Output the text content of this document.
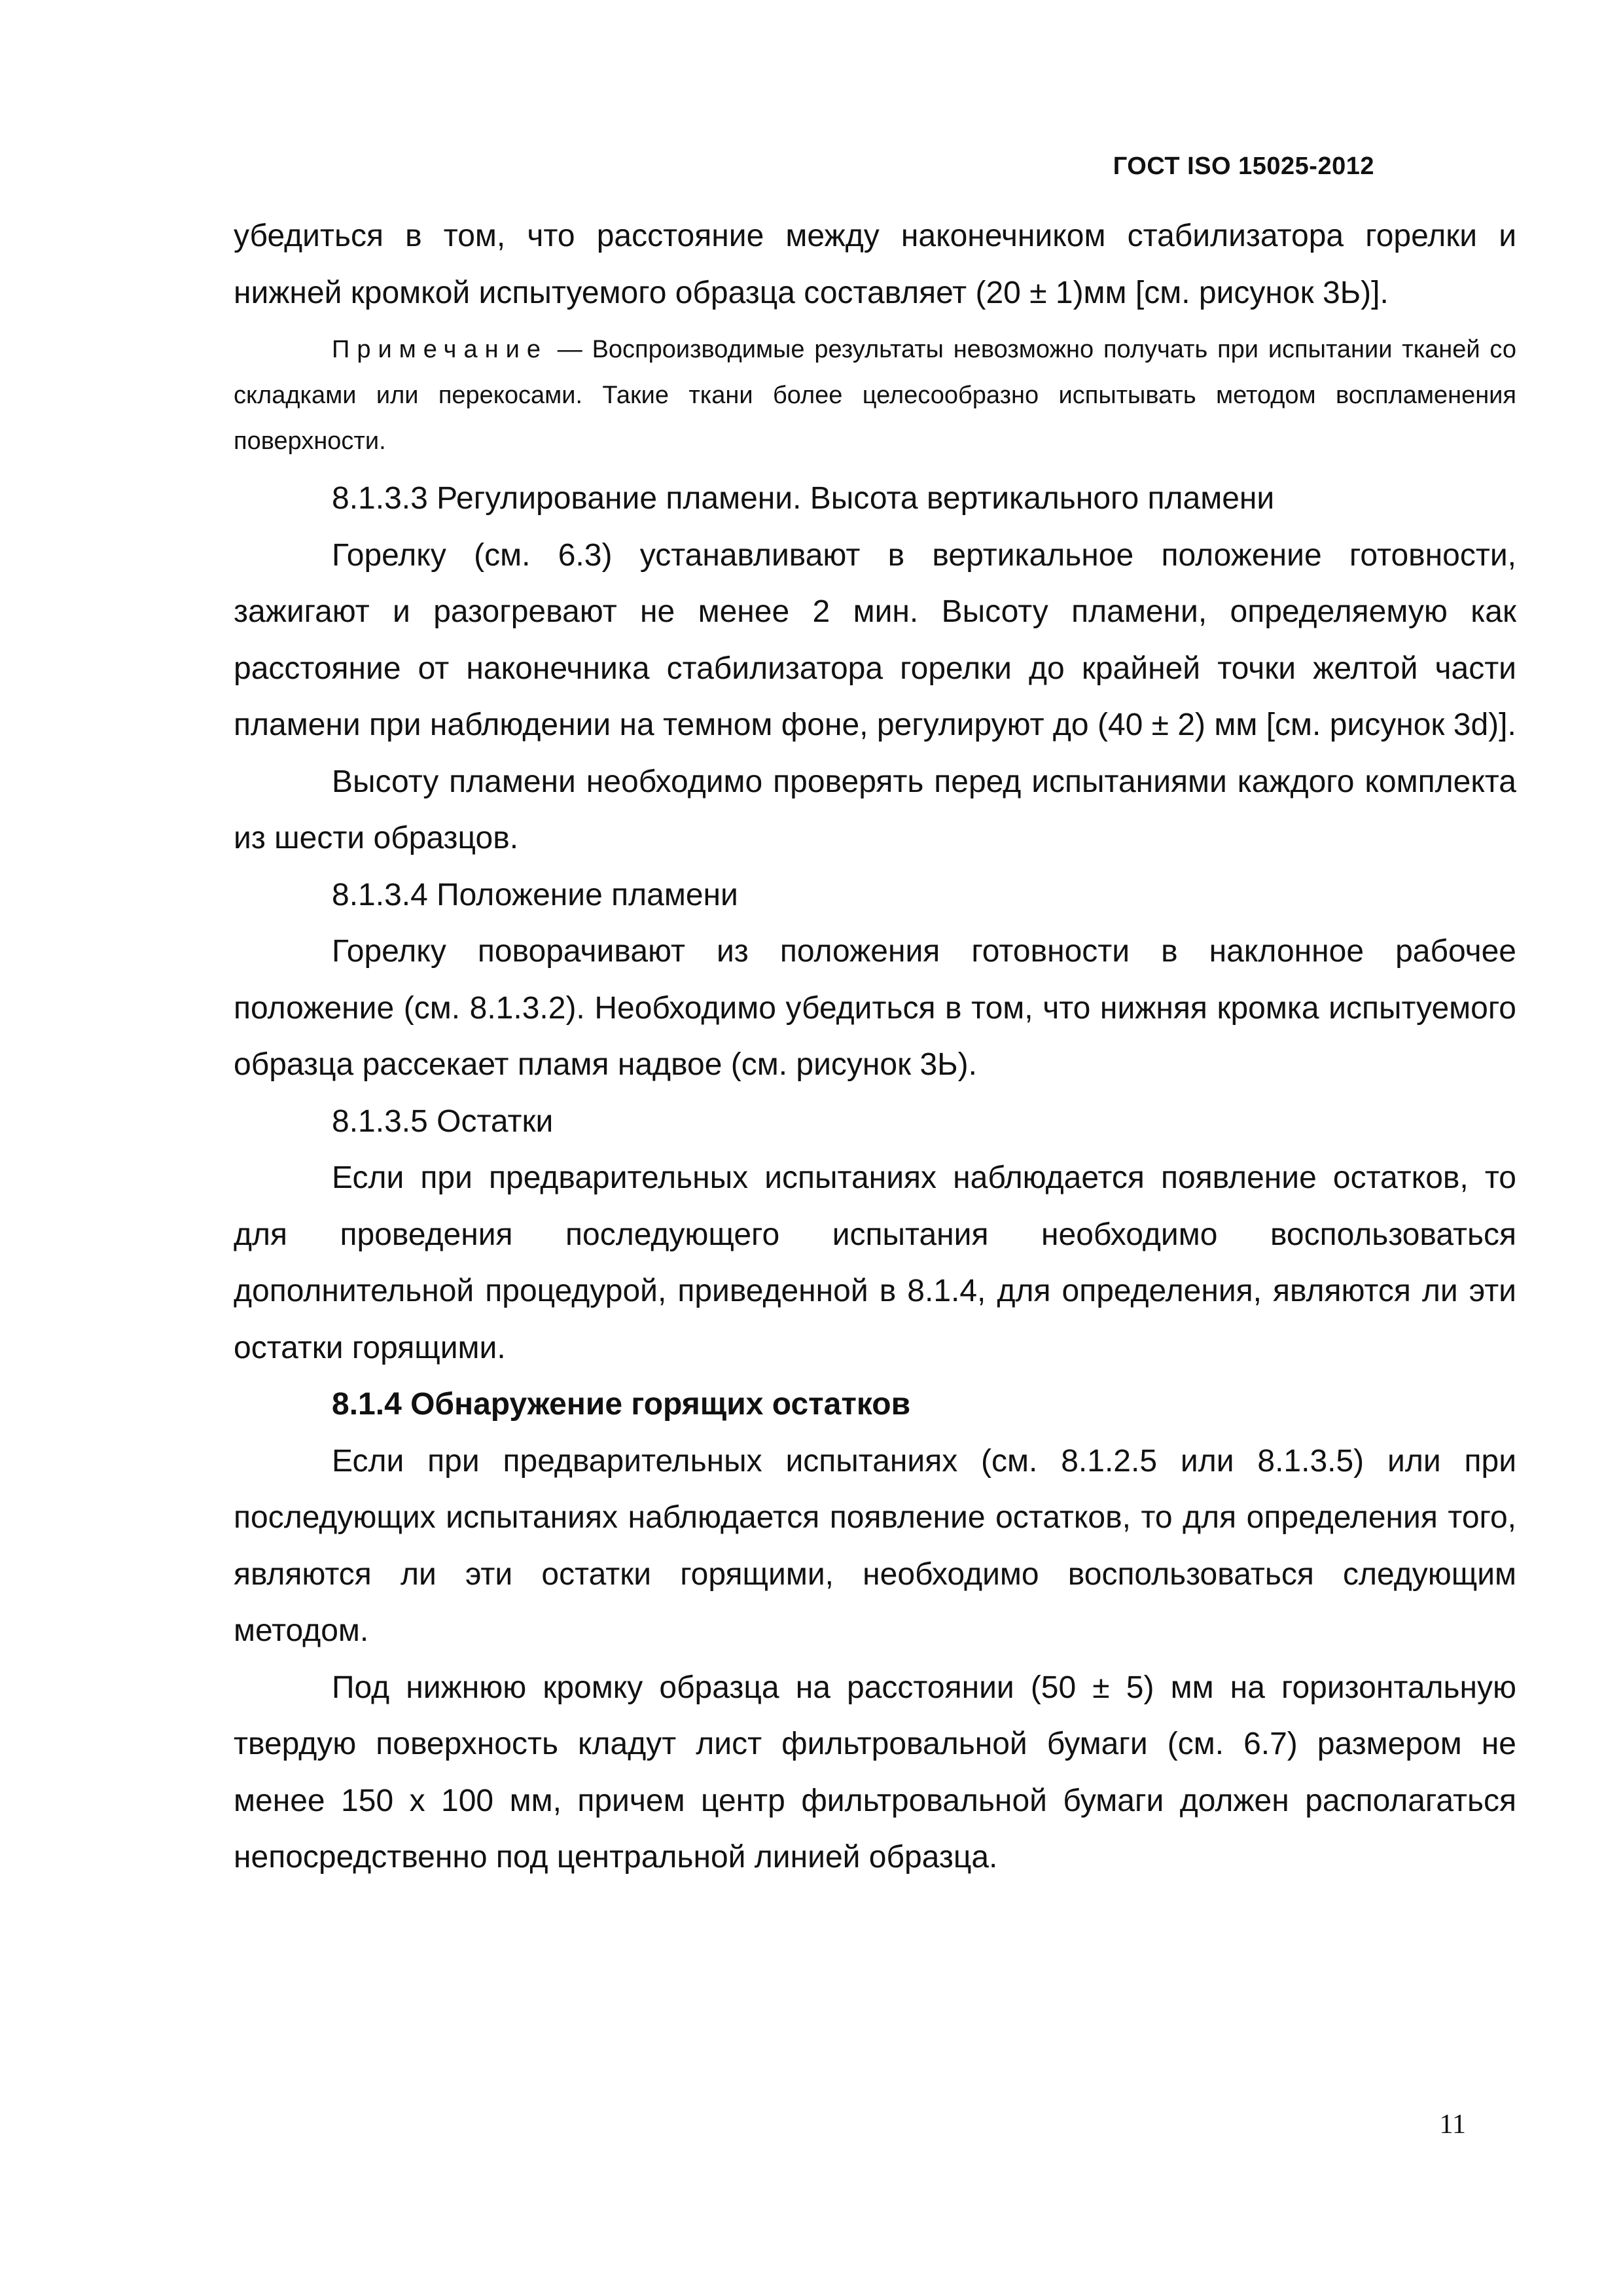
ГОСТ ISO 15025-2012

убедиться в том, что расстояние между наконечником стабилизатора горелки и нижней кромкой испытуемого образца составляет (20 ± 1)мм [см. рисунок 3Ь)].

Примечание — Воспроизводимые результаты невозможно получать при испытании тканей со складками или перекосами. Такие ткани более целесообразно испытывать методом воспламенения поверхности.

8.1.3.3 Регулирование пламени. Высота вертикального пламени

Горелку (см. 6.3) устанавливают в вертикальное положение готовности, зажигают и разогревают не менее 2 мин. Высоту пламени, определяемую как расстояние от наконечника стабилизатора горелки до крайней точки желтой части пламени при наблюдении на темном фоне, регулируют до (40 ± 2) мм [см. рисунок 3d)].

Высоту пламени необходимо проверять перед испытаниями каждого комплекта из шести образцов.

8.1.3.4 Положение пламени

Горелку поворачивают из положения готовности в наклонное рабочее положение (см. 8.1.3.2). Необходимо убедиться в том, что нижняя кромка испытуемого образца рассекает пламя надвое (см. рисунок 3Ь).

8.1.3.5 Остатки

Если при предварительных испытаниях наблюдается появление остатков, то для проведения последующего испытания необходимо воспользоваться дополнительной процедурой, приведенной в 8.1.4, для определения, являются ли эти остатки горящими.

8.1.4 Обнаружение горящих остатков

Если при предварительных испытаниях (см. 8.1.2.5 или 8.1.3.5) или при последующих испытаниях наблюдается появление остатков, то для определения того, являются ли эти остатки горящими, необходимо воспользоваться следующим методом.

Под нижнюю кромку образца на расстоянии (50 ± 5) мм на горизонтальную твердую поверхность кладут лист фильтровальной бумаги (см. 6.7) размером не менее 150 х 100 мм, причем центр фильтровальной бумаги должен располагаться непосредственно под центральной линией образца.

11
